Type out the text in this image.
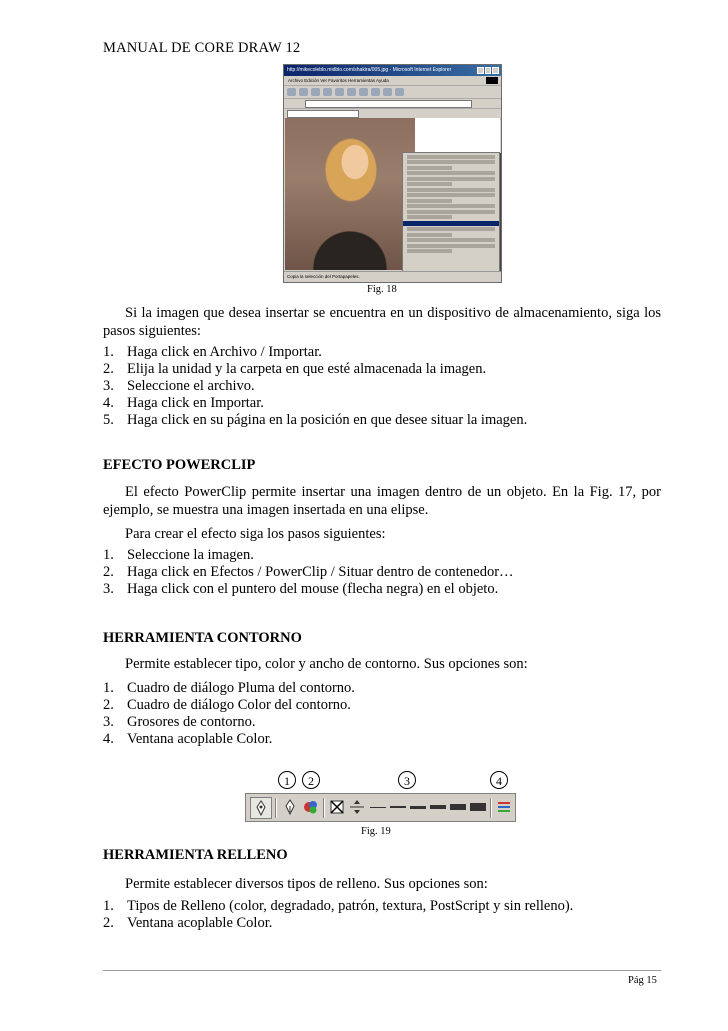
MANUAL DE CORE DRAW 12
http://mikecoleblo.midblo.com/shakira/005.jpg - Microsoft Internet Explorer
Archivo Edición Ver Favoritos Herramientas Ayuda
Copia la selección del Portapapeles.
Fig. 18
Si la imagen que desea insertar se encuentra en un dispositivo de almacenamiento, siga los pasos siguientes:
1. Haga click en Archivo / Importar.
2. Elija la unidad y la carpeta en que esté almacenada la imagen.
3. Seleccione el archivo.
4. Haga click en Importar.
5. Haga click en su página en la posición en que desee situar la imagen.
EFECTO POWERCLIP
El efecto PowerClip permite insertar una imagen dentro de un objeto. En la Fig. 17, por ejemplo, se muestra una imagen insertada en una elipse.
Para crear el efecto siga los pasos siguientes:
1. Seleccione la imagen.
2. Haga click en Efectos / PowerClip / Situar dentro de contenedor…
3. Haga click con el puntero del mouse (flecha negra) en el objeto.
HERRAMIENTA CONTORNO
Permite establecer tipo, color y ancho de contorno. Sus opciones son:
1. Cuadro de diálogo Pluma del contorno.
2. Cuadro de diálogo Color del contorno.
3. Grosores de contorno.
4. Ventana acoplable Color.
1	2	3	4
Fig. 19
HERRAMIENTA RELLENO
Permite establecer diversos tipos de relleno. Sus opciones son:
1. Tipos de Relleno (color, degradado, patrón, textura, PostScript y sin relleno).
2. Ventana acoplable Color.
Pág 15
